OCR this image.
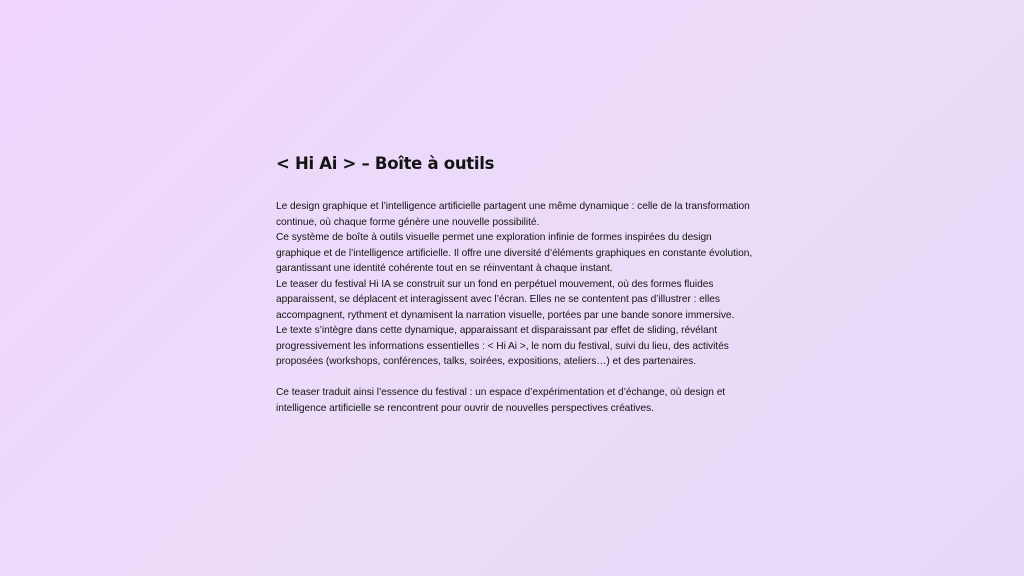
< Hi Ai > – Boîte à outils

Le design graphique et l’intelligence artificielle partagent une même dynamique : celle de la transformation continue, où chaque forme génère une nouvelle possibilité.

Ce système de boîte à outils visuelle permet une exploration infinie de formes inspirées du design graphique et de l’intelligence artificielle. Il offre une diversité d’éléments graphiques en constante évolution, garantissant une identité cohérente tout en se réinventant à chaque instant.

Le teaser du festival Hi IA se construit sur un fond en perpétuel mouvement, où des formes fluides apparaissent, se déplacent et interagissent avec l’écran. Elles ne se contentent pas d’illustrer : elles accompagnent, rythment et dynamisent la narration visuelle, portées par une bande sonore immersive.

Le texte s’intègre dans cette dynamique, apparaissant et disparaissant par effet de sliding, révélant progressivement les informations essentielles : < Hi Ai >, le nom du festival, suivi du lieu, des activités proposées (workshops, conférences, talks, soirées, expositions, ateliers…) et des partenaires.

Ce teaser traduit ainsi l’essence du festival : un espace d’expérimentation et d’échange, où design et intelligence artificielle se rencontrent pour ouvrir de nouvelles perspectives créatives.
